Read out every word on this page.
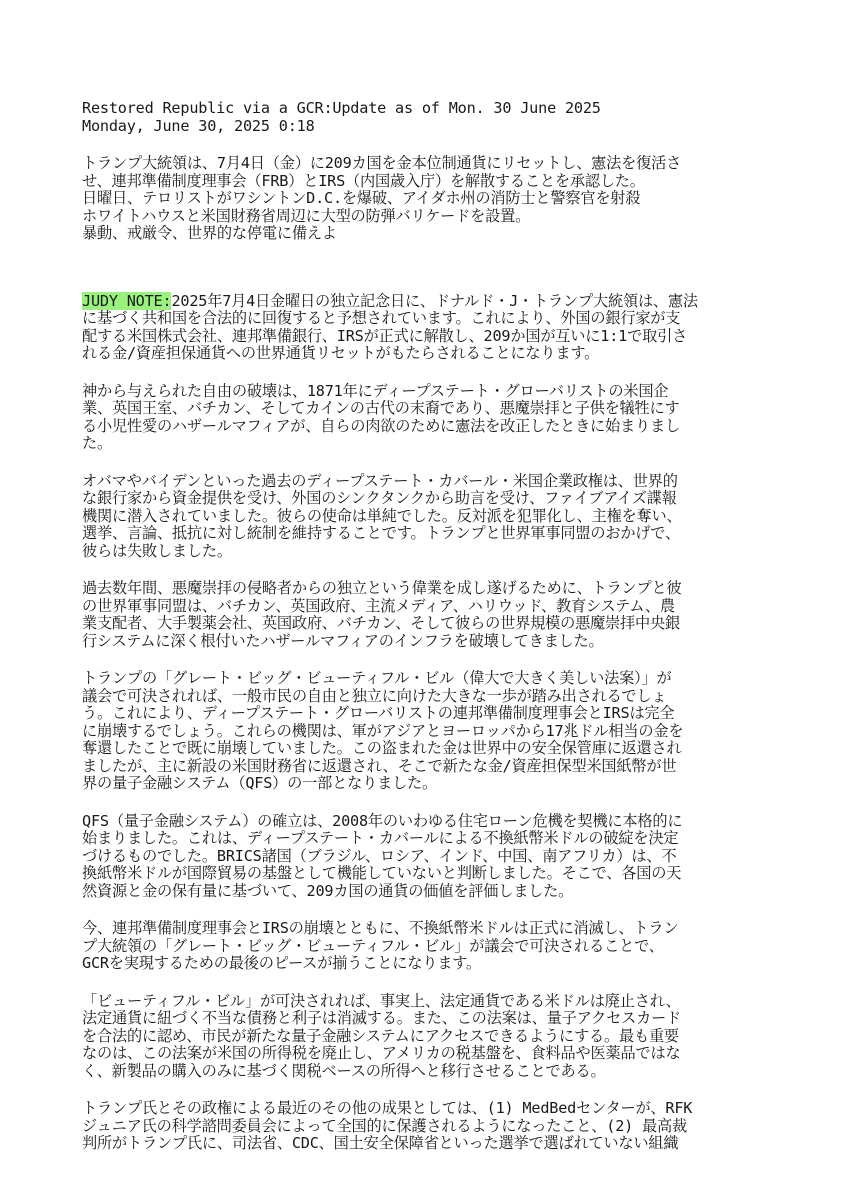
Restored Republic via a GCR:Update as of Mon. 30 June 2025
Monday, June 30, 2025 0:18
トランプ大統領は、7月4日（金）に209カ国を金本位制通貨にリセットし、憲法を復活さ
せ、連邦準備制度理事会（FRB）とIRS（内国歳入庁）を解散することを承認した。
日曜日、テロリストがワシントンD.C.を爆破、アイダホ州の消防士と警察官を射殺
ホワイトハウスと米国財務省周辺に大型の防弾バリケードを設置。
暴動、戒厳令、世界的な停電に備えよ
JUDY NOTE:2025年7月4日金曜日の独立記念日に、ドナルド・J・トランプ大統領は、憲法
に基づく共和国を合法的に回復すると予想されています。これにより、外国の銀行家が支
配する米国株式会社、連邦準備銀行、IRSが正式に解散し、209か国が互いに1:1で取引さ
れる金/資産担保通貨への世界通貨リセットがもたらされることになります。
神から与えられた自由の破壊は、1871年にディープステート・グローバリストの米国企
業、英国王室、バチカン、そしてカインの古代の末裔であり、悪魔崇拝と子供を犠牲にす
る小児性愛のハザールマフィアが、自らの肉欲のために憲法を改正したときに始まりまし
た。
オバマやバイデンといった過去のディープステート・カバール・米国企業政権は、世界的
な銀行家から資金提供を受け、外国のシンクタンクから助言を受け、ファイブアイズ諜報
機関に潜入されていました。彼らの使命は単純でした。反対派を犯罪化し、主権を奪い、
選挙、言論、抵抗に対し統制を維持することです。トランプと世界軍事同盟のおかげで、
彼らは失敗しました。
過去数年間、悪魔崇拝の侵略者からの独立という偉業を成し遂げるために、トランプと彼
の世界軍事同盟は、バチカン、英国政府、主流メディア、ハリウッド、教育システム、農
業支配者、大手製薬会社、英国政府、バチカン、そして彼らの世界規模の悪魔崇拝中央銀
行システムに深く根付いたハザールマフィアのインフラを破壊してきました。
トランプの「グレート・ビッグ・ビューティフル・ビル（偉大で大きく美しい法案）」が
議会で可決されれば、一般市民の自由と独立に向けた大きな一歩が踏み出されるでしょ
う。これにより、ディープステート・グローバリストの連邦準備制度理事会とIRSは完全
に崩壊するでしょう。これらの機関は、軍がアジアとヨーロッパから17兆ドル相当の金を
奪還したことで既に崩壊していました。この盗まれた金は世界中の安全保管庫に返還され
ましたが、主に新設の米国財務省に返還され、そこで新たな金/資産担保型米国紙幣が世
界の量子金融システム（QFS）の一部となりました。
QFS（量子金融システム）の確立は、2008年のいわゆる住宅ローン危機を契機に本格的に
始まりました。これは、ディープステート・カバールによる不換紙幣米ドルの破綻を決定
づけるものでした。BRICS諸国（ブラジル、ロシア、インド、中国、南アフリカ）は、不
換紙幣米ドルが国際貿易の基盤として機能していないと判断しました。そこで、各国の天
然資源と金の保有量に基づいて、209カ国の通貨の価値を評価しました。
今、連邦準備制度理事会とIRSの崩壊とともに、不換紙幣米ドルは正式に消滅し、トラン
プ大統領の「グレート・ビッグ・ビューティフル・ビル」が議会で可決されることで、
GCRを実現するための最後のピースが揃うことになります。
「ビューティフル・ビル」が可決されれば、事実上、法定通貨である米ドルは廃止され、
法定通貨に紐づく不当な債務と利子は消滅する。また、この法案は、量子アクセスカード
を合法的に認め、市民が新たな量子金融システムにアクセスできるようにする。最も重要
なのは、この法案が米国の所得税を廃止し、アメリカの税基盤を、食料品や医薬品ではな
く、新製品の購入のみに基づく関税ベースの所得へと移行させることである。
トランプ氏とその政権による最近のその他の成果としては、(1) MedBedセンターが、RFK
ジュニア氏の科学諮問委員会によって全国的に保護されるようになったこと、(2) 最高裁
判所がトランプ氏に、司法省、CDC、国土安全保障省といった選挙で選ばれていない組織
